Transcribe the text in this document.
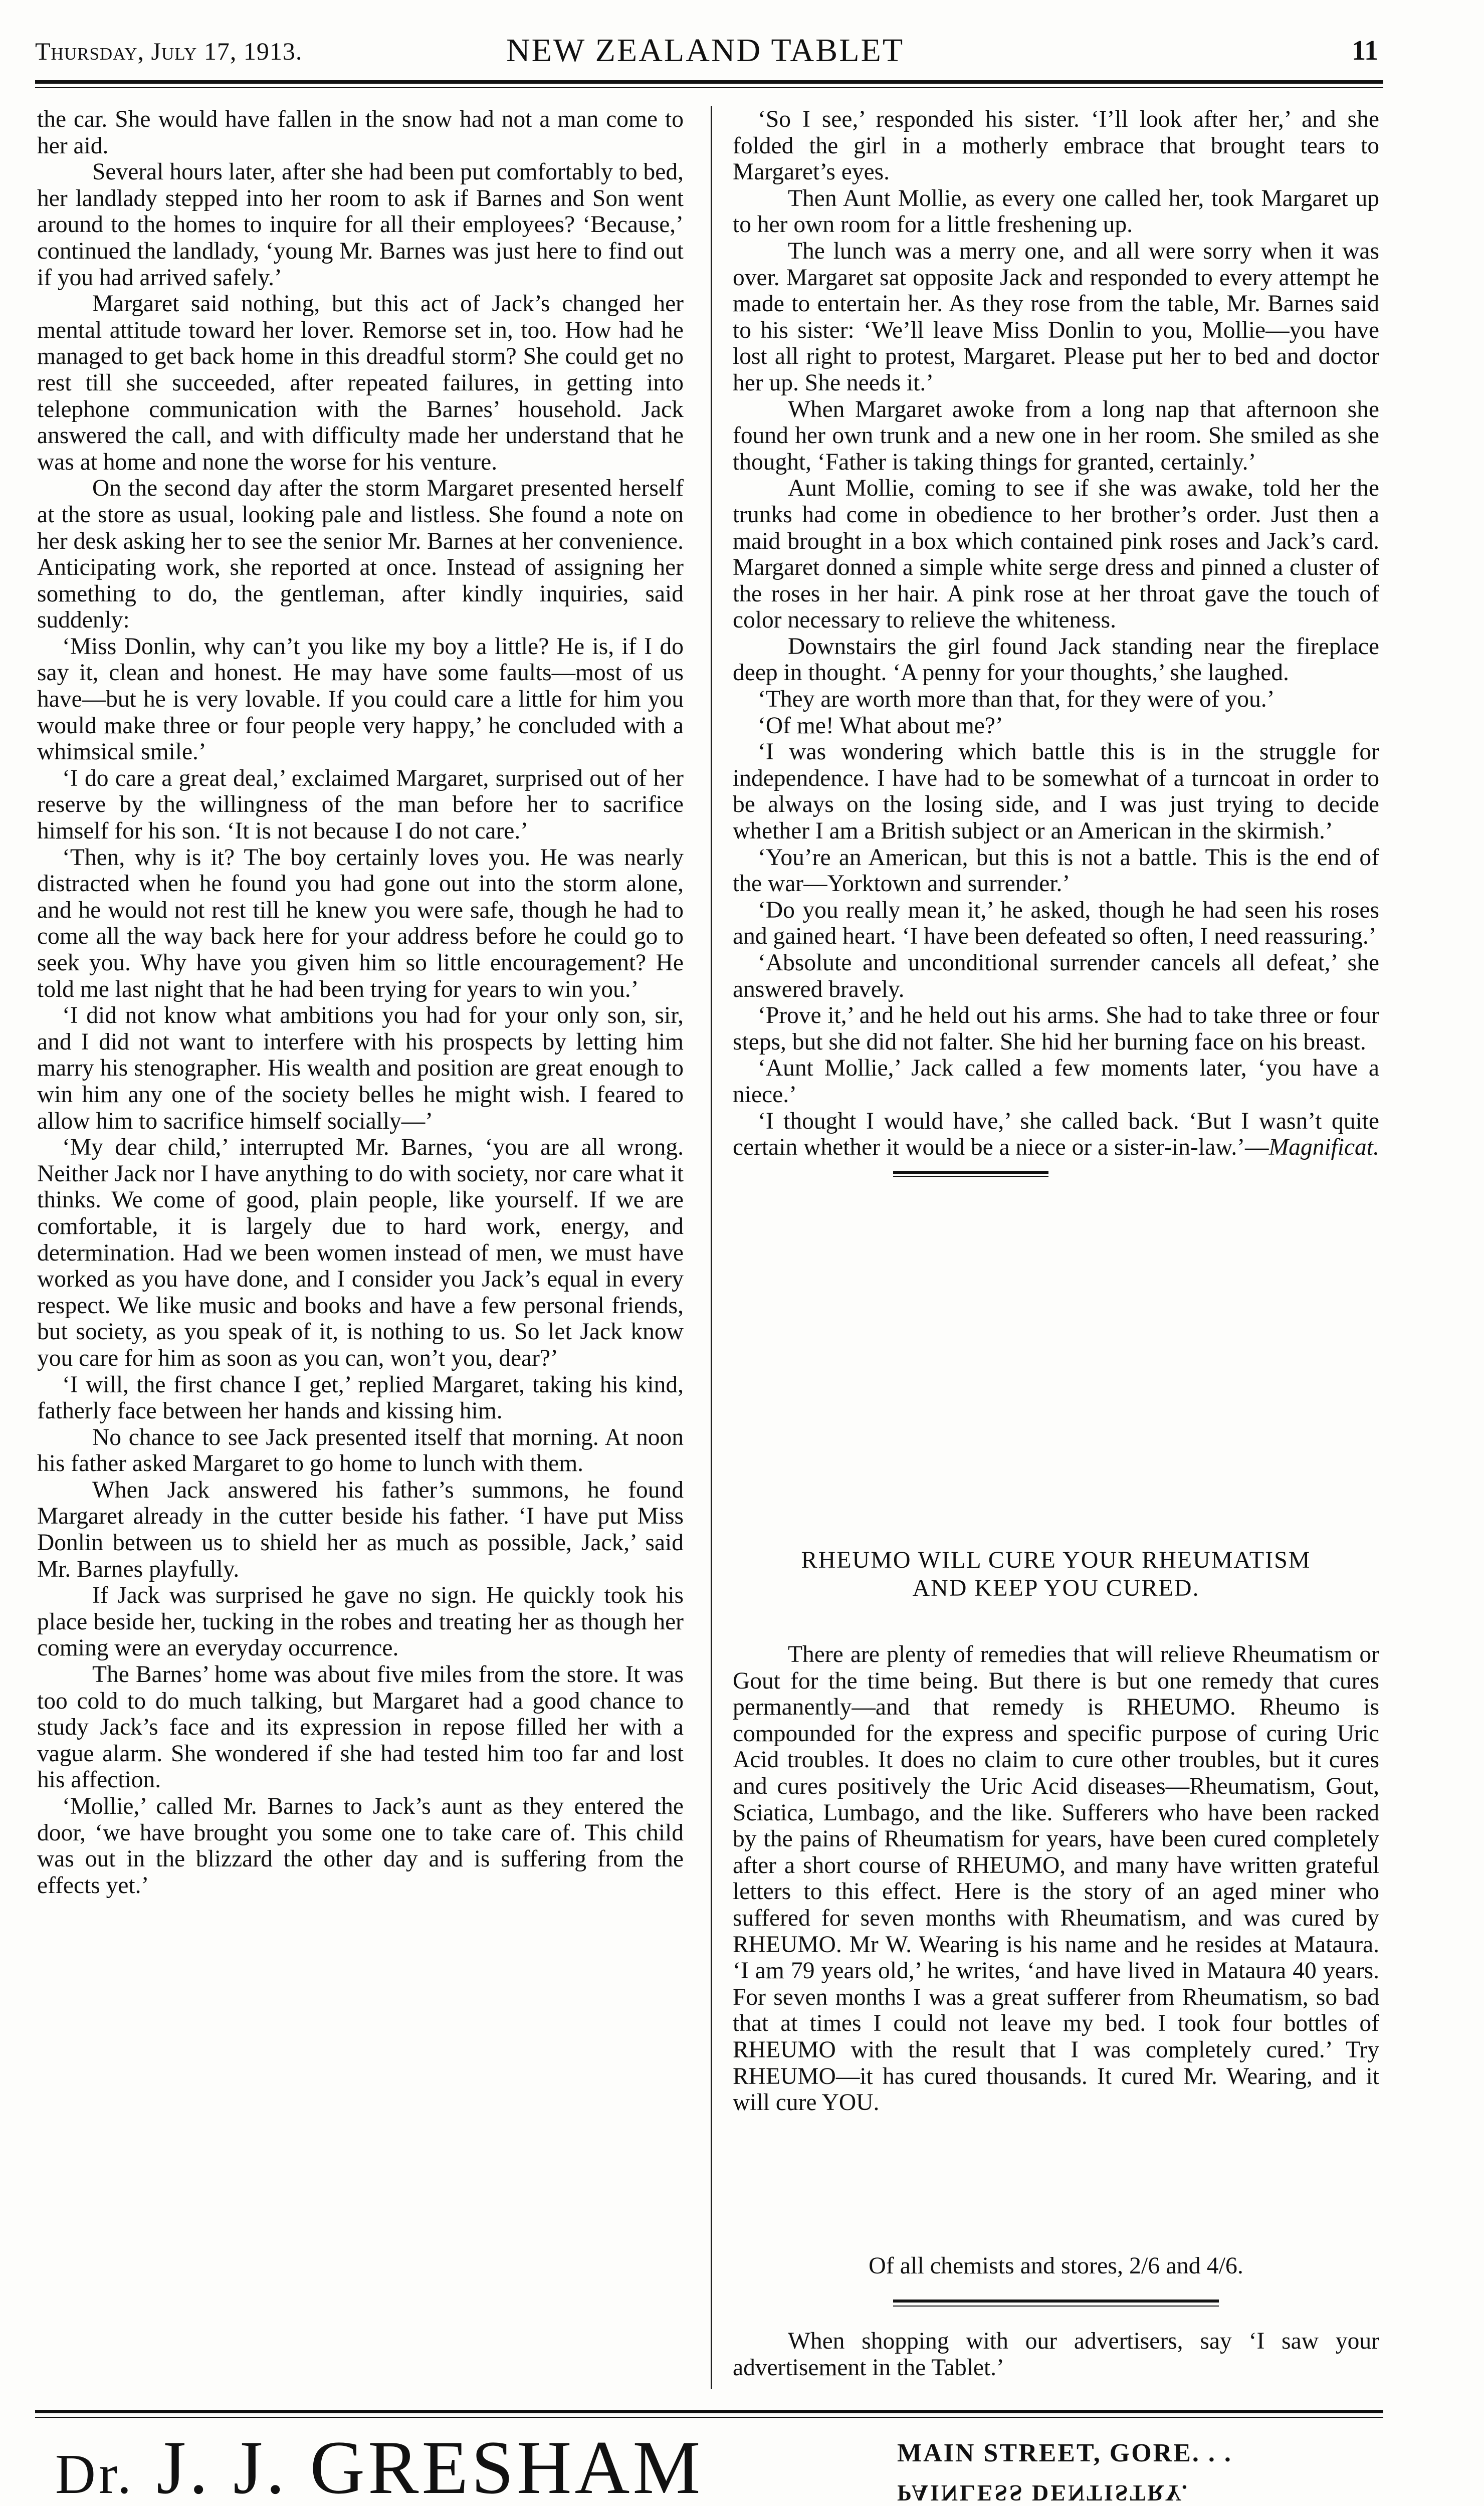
Thursday, July 17, 1913.	NEW ZEALAND TABLET	11

the car. She would have fallen in the snow had not a man come to her aid.

Several hours later, after she had been put comfortably to bed, her landlady stepped into her room to ask if Barnes and Son went around to the homes to inquire for all their employees? ‘Because,’ continued the landlady, ‘young Mr. Barnes was just here to find out if you had arrived safely.’

Margaret said nothing, but this act of Jack’s changed her mental attitude toward her lover. Remorse set in, too. How had he managed to get back home in this dreadful storm? She could get no rest till she succeeded, after repeated failures, in getting into telephone communication with the Barnes’ household. Jack answered the call, and with difficulty made her understand that he was at home and none the worse for his venture.

On the second day after the storm Margaret presented herself at the store as usual, looking pale and listless. She found a note on her desk asking her to see the senior Mr. Barnes at her convenience. Anticipating work, she reported at once. Instead of assigning her something to do, the gentleman, after kindly inquiries, said suddenly:

‘Miss Donlin, why can’t you like my boy a little? He is, if I do say it, clean and honest. He may have some faults—most of us have—but he is very lovable. If you could care a little for him you would make three or four people very happy,’ he concluded with a whimsical smile.’

‘I do care a great deal,’ exclaimed Margaret, surprised out of her reserve by the willingness of the man before her to sacrifice himself for his son. ‘It is not because I do not care.’

‘Then, why is it? The boy certainly loves you. He was nearly distracted when he found you had gone out into the storm alone, and he would not rest till he knew you were safe, though he had to come all the way back here for your address before he could go to seek you. Why have you given him so little encouragement? He told me last night that he had been trying for years to win you.’

‘I did not know what ambitions you had for your only son, sir, and I did not want to interfere with his prospects by letting him marry his stenographer. His wealth and position are great enough to win him any one of the society belles he might wish. I feared to allow him to sacrifice himself socially—’

‘My dear child,’ interrupted Mr. Barnes, ‘you are all wrong. Neither Jack nor I have anything to do with society, nor care what it thinks. We come of good, plain people, like yourself. If we are comfortable, it is largely due to hard work, energy, and determination. Had we been women instead of men, we must have worked as you have done, and I consider you Jack’s equal in every respect. We like music and books and have a few personal friends, but society, as you speak of it, is nothing to us. So let Jack know you care for him as soon as you can, won’t you, dear?’

‘I will, the first chance I get,’ replied Margaret, taking his kind, fatherly face between her hands and kissing him.

No chance to see Jack presented itself that morning. At noon his father asked Margaret to go home to lunch with them.

When Jack answered his father’s summons, he found Margaret already in the cutter beside his father. ‘I have put Miss Donlin between us to shield her as much as possible, Jack,’ said Mr. Barnes playfully.

If Jack was surprised he gave no sign. He quickly took his place beside her, tucking in the robes and treating her as though her coming were an everyday occurrence.

The Barnes’ home was about five miles from the store. It was too cold to do much talking, but Margaret had a good chance to study Jack’s face and its expression in repose filled her with a vague alarm. She wondered if she had tested him too far and lost his affection.

‘Mollie,’ called Mr. Barnes to Jack’s aunt as they entered the door, ‘we have brought you some one to take care of. This child was out in the blizzard the other day and is suffering from the effects yet.’

‘So I see,’ responded his sister. ‘I’ll look after her,’ and she folded the girl in a motherly embrace that brought tears to Margaret’s eyes.

Then Aunt Mollie, as every one called her, took Margaret up to her own room for a little freshening up.

The lunch was a merry one, and all were sorry when it was over. Margaret sat opposite Jack and responded to every attempt he made to entertain her. As they rose from the table, Mr. Barnes said to his sister: ‘We’ll leave Miss Donlin to you, Mollie—you have lost all right to protest, Margaret. Please put her to bed and doctor her up. She needs it.’

When Margaret awoke from a long nap that afternoon she found her own trunk and a new one in her room. She smiled as she thought, ‘Father is taking things for granted, certainly.’

Aunt Mollie, coming to see if she was awake, told her the trunks had come in obedience to her brother’s order. Just then a maid brought in a box which contained pink roses and Jack’s card. Margaret donned a simple white serge dress and pinned a cluster of the roses in her hair. A pink rose at her throat gave the touch of color necessary to relieve the whiteness.

Downstairs the girl found Jack standing near the fireplace deep in thought. ‘A penny for your thoughts,’ she laughed.

‘They are worth more than that, for they were of you.’

‘Of me! What about me?’

‘I was wondering which battle this is in the struggle for independence. I have had to be somewhat of a turncoat in order to be always on the losing side, and I was just trying to decide whether I am a British subject or an American in the skirmish.’

‘You’re an American, but this is not a battle. This is the end of the war—Yorktown and surrender.’

‘Do you really mean it,’ he asked, though he had seen his roses and gained heart. ‘I have been defeated so often, I need reassuring.’

‘Absolute and unconditional surrender cancels all defeat,’ she answered bravely.

‘Prove it,’ and he held out his arms. She had to take three or four steps, but she did not falter. She hid her burning face on his breast.

‘Aunt Mollie,’ Jack called a few moments later, ‘you have a niece.’

‘I thought I would have,’ she called back. ‘But I wasn’t quite certain whether it would be a niece or a sister-in-law.’—Magnificat.

RHEUMO WILL CURE YOUR RHEUMATISM
AND KEEP YOU CURED.

There are plenty of remedies that will relieve Rheumatism or Gout for the time being. But there is but one remedy that cures permanently—and that remedy is RHEUMO. Rheumo is compounded for the express and specific purpose of curing Uric Acid troubles. It does no claim to cure other troubles, but it cures and cures positively the Uric Acid diseases—Rheumatism, Gout, Sciatica, Lumbago, and the like. Sufferers who have been racked by the pains of Rheumatism for years, have been cured completely after a short course of RHEUMO, and many have written grateful letters to this effect. Here is the story of an aged miner who suffered for seven months with Rheumatism, and was cured by RHEUMO. Mr W. Wearing is his name and he resides at Mataura. ‘I am 79 years old,’ he writes, ‘and have lived in Mataura 40 years. For seven months I was a great sufferer from Rheumatism, so bad that at times I could not leave my bed. I took four bottles of RHEUMO with the result that I was completely cured.’ Try RHEUMO—it has cured thousands. It cured Mr. Wearing, and it will cure YOU.

Of all chemists and stores, 2/6 and 4/6.
When shopping with our advertisers, say ‘I saw your advertisement in the Tablet.’
Dr. J. J. GRESHAM	MAIN STREET, GORE. . .
PAINLESS DENTISTRY.
